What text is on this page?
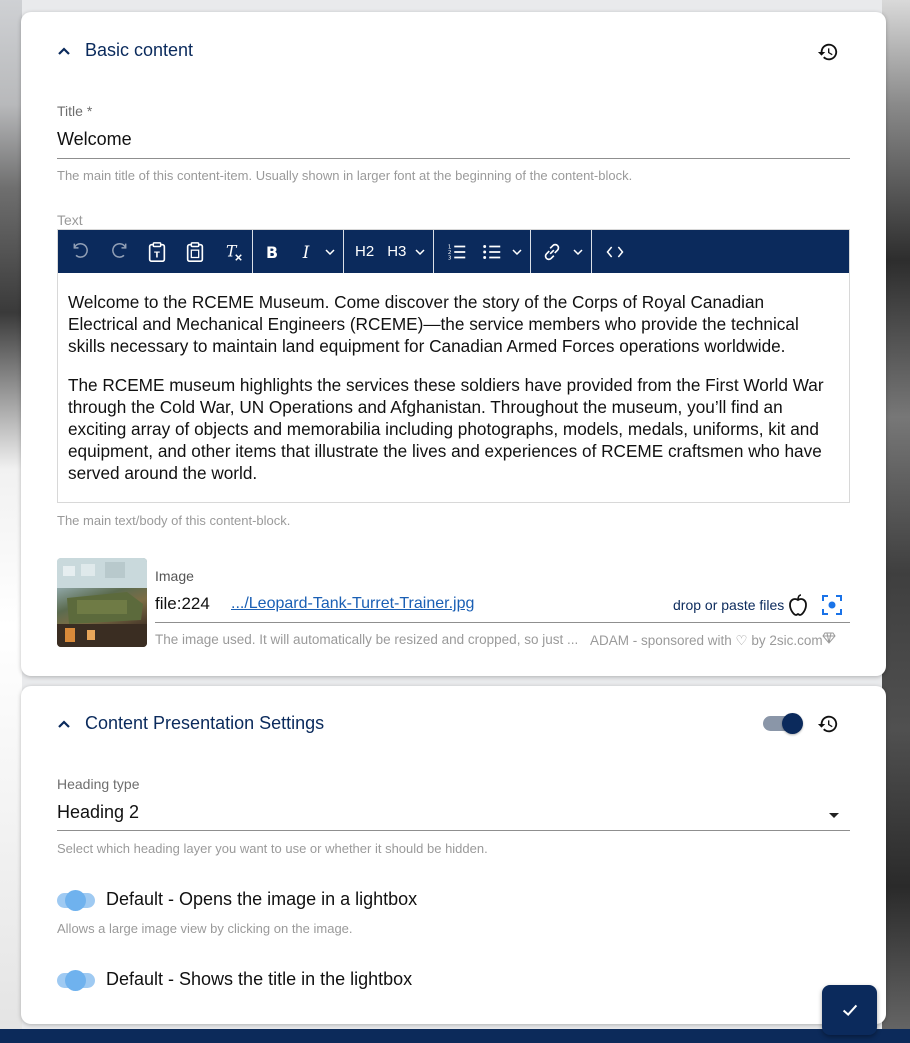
Basic content
Title *
Welcome
The main title of this content-item. Usually shown in larger font at the beginning of the content-block.
Text
T	T B I	H2 H3	1
2
3

Welcome to the RCEME Museum. Come discover the story of the Corps of Royal Canadian Electrical and Mechanical Engineers (RCEME)—the service members who provide the technical skills necessary to maintain land equipment for Canadian Armed Forces operations worldwide.

The RCEME museum highlights the services these soldiers have provided from the First World War through the Cold War, UN Operations and Afghanistan. Throughout the museum, you’ll find an exciting array of objects and memorabilia including photographs, models, medals, uniforms, kit and equipment, and other items that illustrate the lives and experiences of RCEME craftsmen who have served around the world.

The main text/body of this content-block.
Image
file:224 .../Leopard-Tank-Turret-Trainer.jpg	drop or paste files
The image used. It will automatically be resized and cropped, so just ... ADAM - sponsored with ♡ by 2sic.com
Content Presentation Settings
Heading type
Heading 2
Select which heading layer you want to use or whether it should be hidden.
Default - Opens the image in a lightbox
Allows a large image view by clicking on the image.
Default - Shows the title in the lightbox
